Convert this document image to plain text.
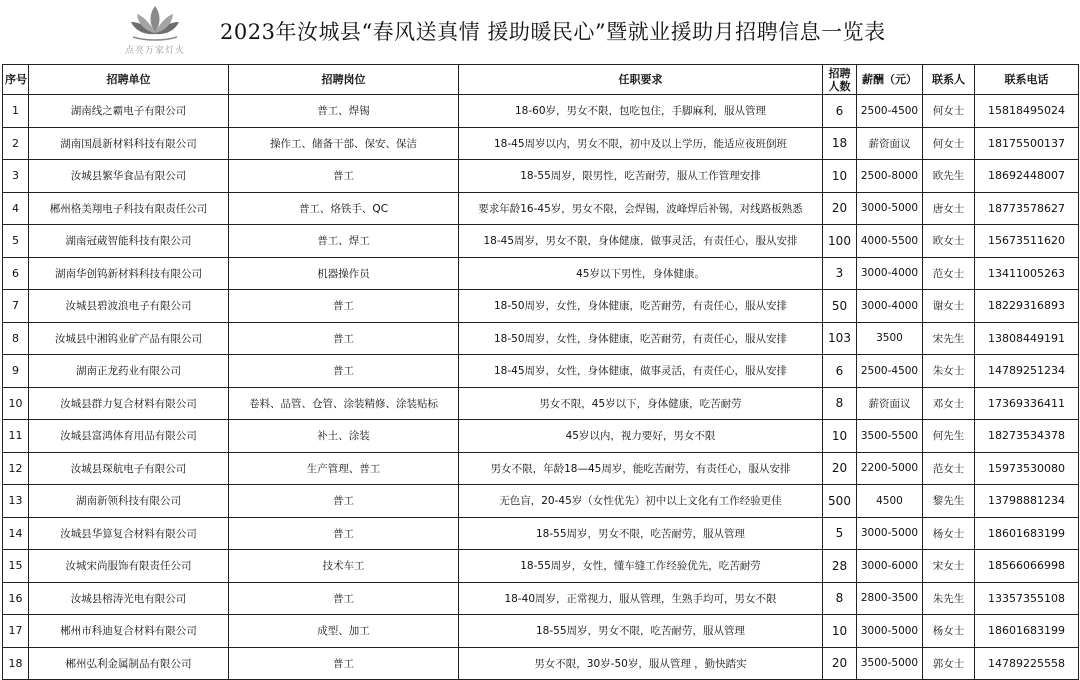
点亮万家灯火
2023年汝城县“春风送真情 援助暖民心”暨就业援助月招聘信息一览表
序号	招聘单位	招聘岗位	任职要求	招聘人数	薪酬（元）	联系人	联系电话
1	湖南线之霸电子有限公司	普工、焊锡	18-60岁，男女不限，包吃包住，手脚麻利，服从管理	6	2500-4500	何女士	15818495024
2	湖南国晨新材料科技有限公司	操作工、储备干部、保安、保洁	18-45周岁以内，男女不限，初中及以上学历，能适应夜班倒班	18	薪资面议	何女士	18175500137
3	汝城县繁华食品有限公司	普工	18-55周岁，限男性，吃苦耐劳，服从工作管理安排	10	2500-8000	欧先生	18692448007
4	郴州格美翔电子科技有限责任公司	普工、烙铁手、QC	要求年龄16-45岁，男女不限，会焊锡，波峰焊后补锡，对线路板熟悉	20	3000-5000	唐女士	18773578627
5	湖南冠葳智能科技有限公司	普工、焊工	18-45周岁，男女不限，身体健康，做事灵活，有责任心，服从安排	100	4000-5500	欧女士	15673511620
6	湖南华创钨新材料科技有限公司	机器操作员	45岁以下男性，身体健康。	3	3000-4000	范女士	13411005263
7	汝城县碧波浪电子有限公司	普工	18-50周岁，女性，身体健康，吃苦耐劳，有责任心，服从安排	50	3000-4000	谢女士	18229316893
8	汝城县中湘钨业矿产品有限公司	普工	18-50周岁，女性，身体健康，吃苦耐劳，有责任心，服从安排	103	3500	宋先生	13808449191
9	湖南正龙药业有限公司	普工	18-45周岁，女性，身体健康，做事灵活，有责任心，服从安排	6	2500-4500	朱女士	14789251234
10	汝城县群力复合材料有限公司	卷料、品管、仓管、涂装精修、涂装贴标	男女不限，45岁以下，身体健康，吃苦耐劳	8	薪资面议	邓女士	17369336411
11	汝城县富鸿体育用品有限公司	补土、涂装	45岁以内，视力要好，男女不限	10	3500-5500	何先生	18273534378
12	汝城县琛航电子有限公司	生产管理、普工	男女不限，年龄18—45周岁，能吃苦耐劳，有责任心，服从安排	20	2200-5000	范女士	15973530080
13	湖南新领科技有限公司	普工	无色盲，20-45岁（女性优先）初中以上文化有工作经验更佳	500	4500	黎先生	13798881234
14	汝城县华算复合材料有限公司	普工	18-55周岁，男女不限，吃苦耐劳，服从管理	5	3000-5000	杨女士	18601683199
15	汝城宋尚服饰有限责任公司	技术车工	18-55周岁，女性，懂车缝工作经验优先，吃苦耐劳	28	3000-6000	宋女士	18566066998
16	汝城县榕涛光电有限公司	普工	18-40周岁，正常视力，服从管理，生熟手均可，男女不限	8	2800-3500	朱先生	13357355108
17	郴州市科迪复合材料有限公司	成型、加工	18-55周岁，男女不限，吃苦耐劳，服从管理	10	3000-5000	杨女士	18601683199
18	郴州弘利金属制品有限公司	普工	男女不限，30岁-50岁，服从管理 ，勤快踏实	20	3500-5000	郭女士	14789225558
